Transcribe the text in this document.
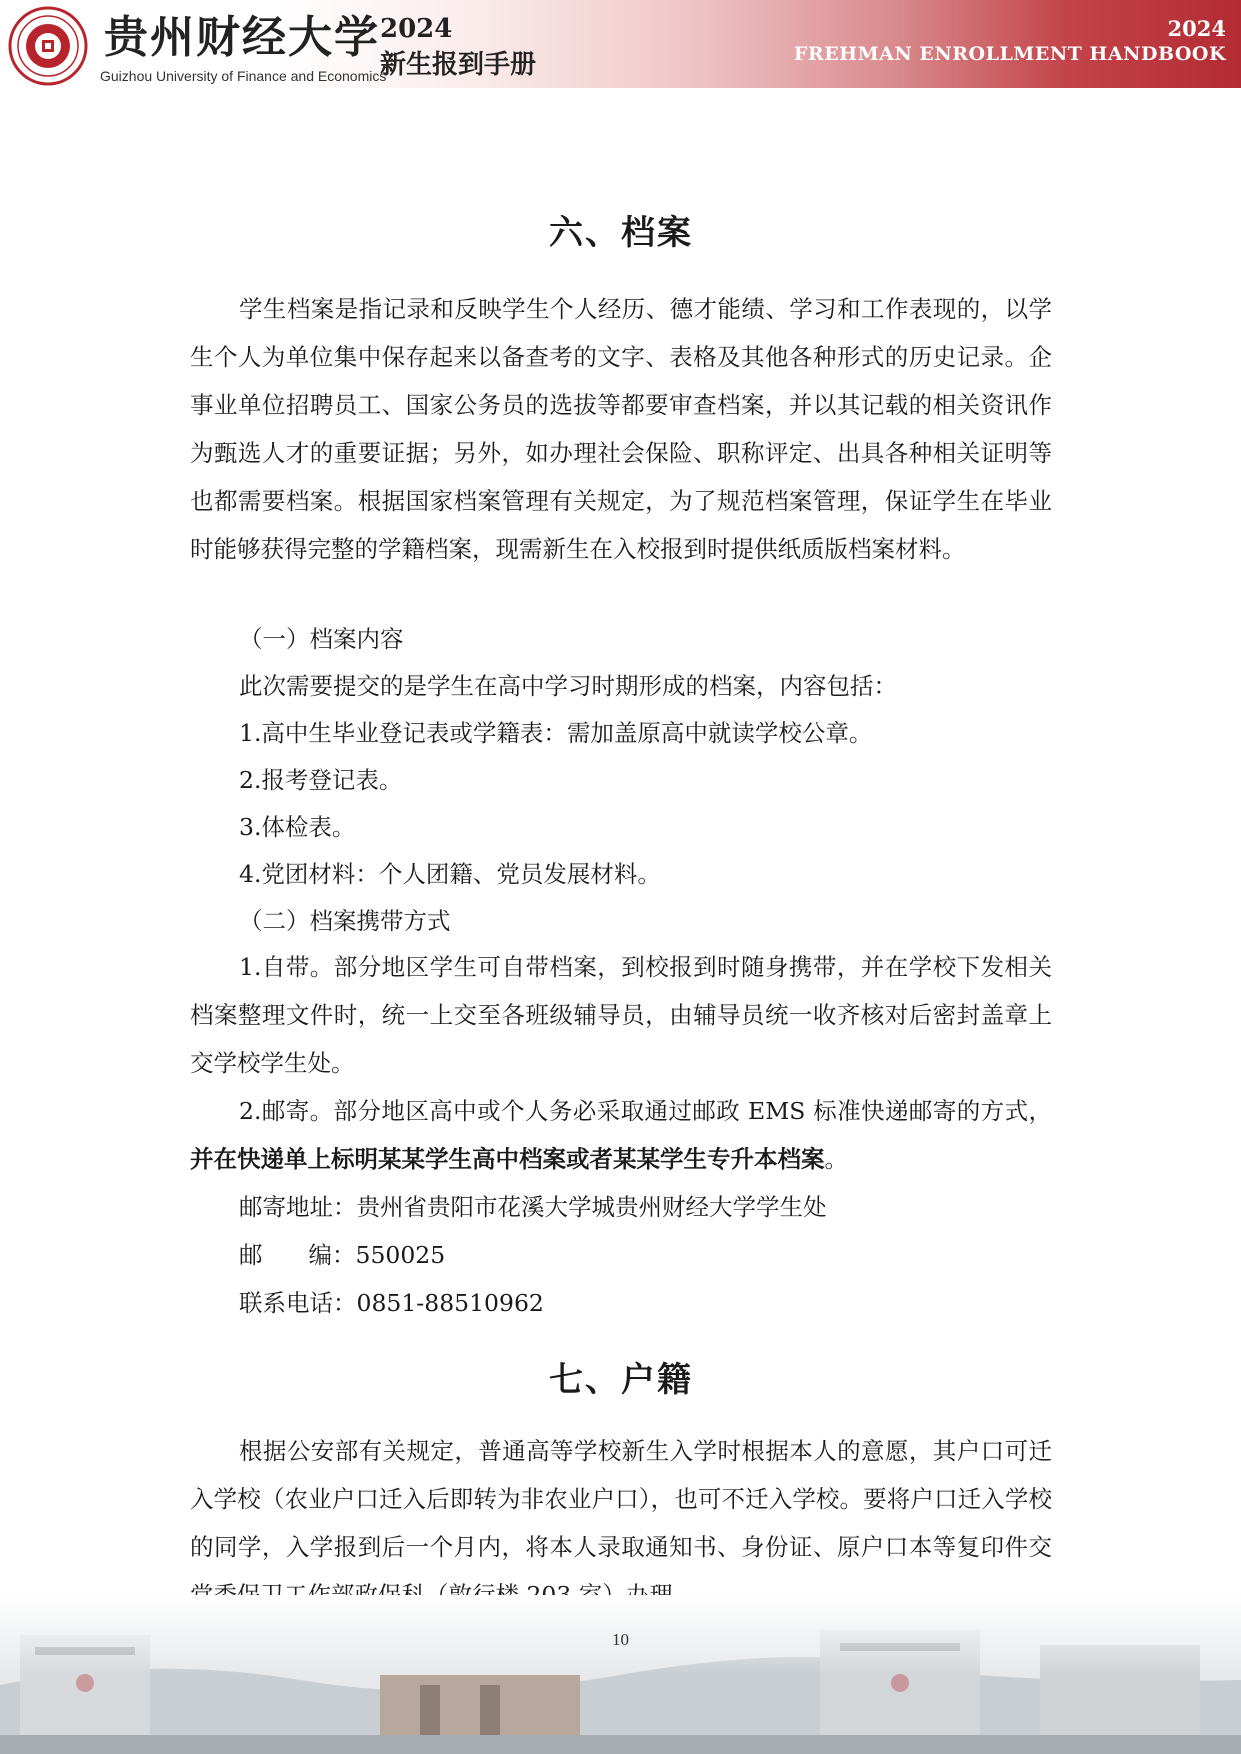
贵州财经大学
Guizhou University of Finance and Economics
2024
新生报到手册
2024
FREHMAN ENROLLMENT HANDBOOK
六、档案

学生档案是指记录和反映学生个人经历、德才能绩、学习和工作表现的，以学生个人为单位集中保存起来以备查考的文字、表格及其他各种形式的历史记录。企事业单位招聘员工、国家公务员的选拔等都要审查档案，并以其记载的相关资讯作为甄选人才的重要证据；另外，如办理社会保险、职称评定、出具各种相关证明等也都需要档案。根据国家档案管理有关规定，为了规范档案管理，保证学生在毕业时能够获得完整的学籍档案，现需新生在入校报到时提供纸质版档案材料。

（一）档案内容

此次需要提交的是学生在高中学习时期形成的档案，内容包括：

1.高中生毕业登记表或学籍表：需加盖原高中就读学校公章。

2.报考登记表。

3.体检表。

4.党团材料：个人团籍、党员发展材料。

（二）档案携带方式

1.自带。部分地区学生可自带档案，到校报到时随身携带，并在学校下发相关档案整理文件时，统一上交至各班级辅导员，由辅导员统一收齐核对后密封盖章上交学校学生处。

2.邮寄。部分地区高中或个人务必采取通过邮政 EMS 标准快递邮寄的方式，并在快递单上标明某某学生高中档案或者某某学生专升本档案。

邮寄地址：贵州省贵阳市花溪大学城贵州财经大学学生处

邮 编：550025

联系电话：0851-88510962

七、户籍

根据公安部有关规定，普通高等学校新生入学时根据本人的意愿，其户口可迁入学校（农业户口迁入后即转为非农业户口），也可不迁入学校。要将户口迁入学校的同学，入学报到后一个月内，将本人录取通知书、身份证、原户口本等复印件交

10
